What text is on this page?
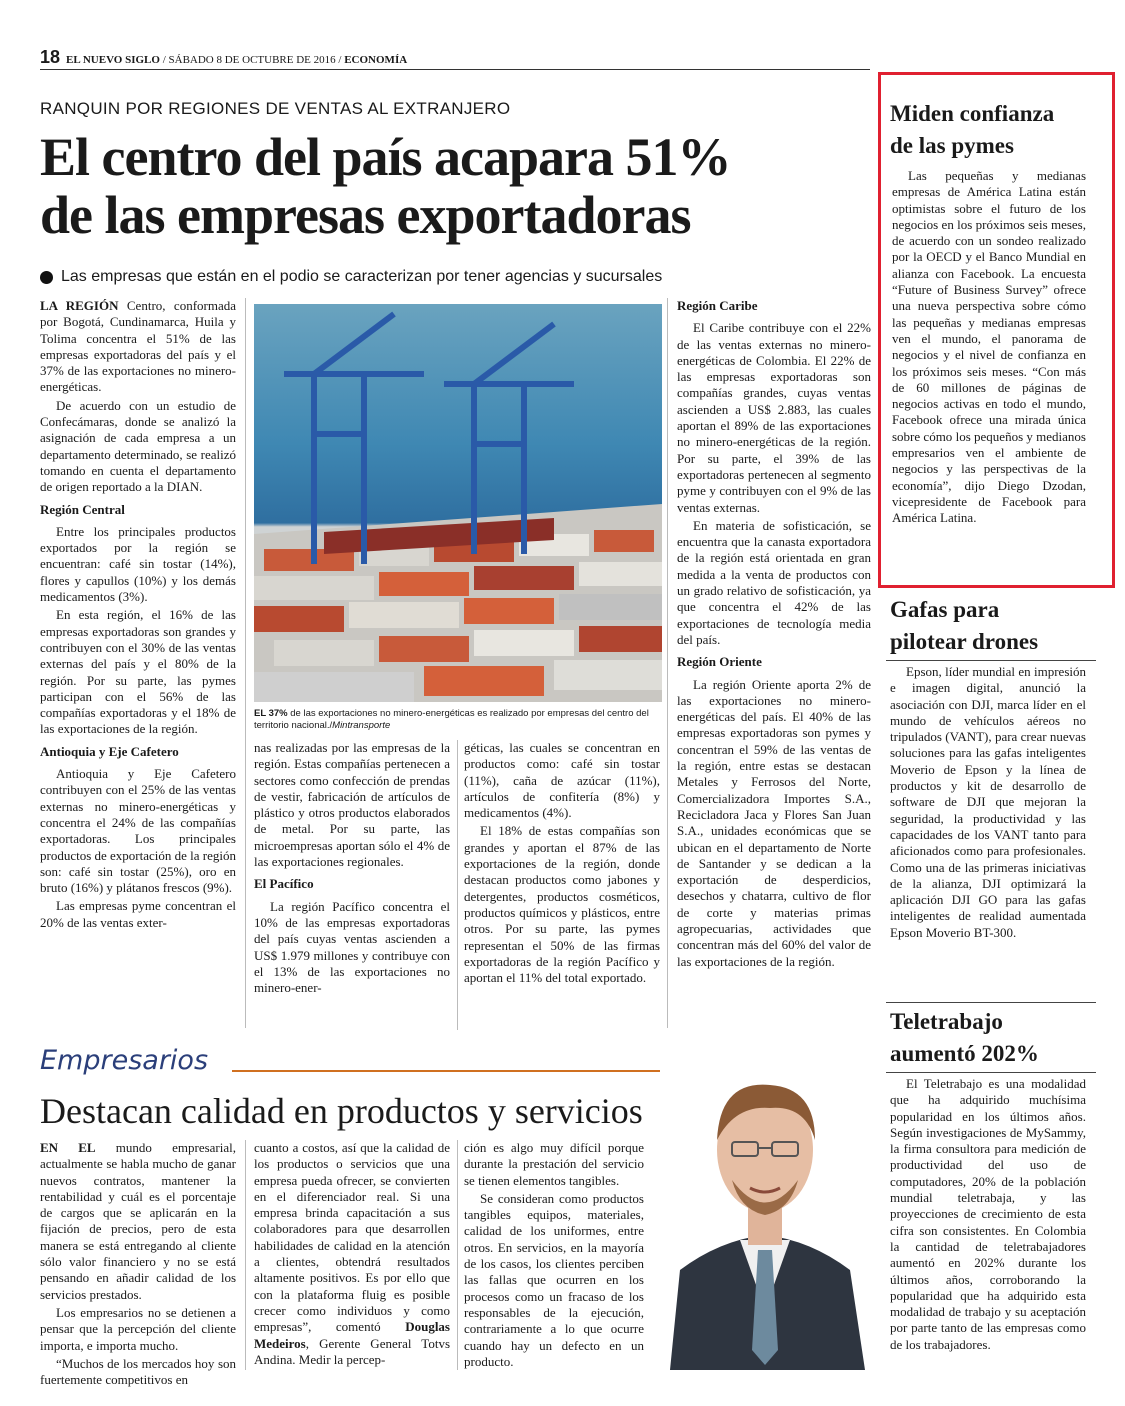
18 EL NUEVO SIGLO / SÁBADO 8 DE OCTUBRE DE 2016 / ECONOMÍA
RANQUIN POR REGIONES DE VENTAS AL EXTRANJERO
El centro del país acapara 51%
de las empresas exportadoras
Las empresas que están en el podio se caracterizan por tener agencias y sucursales

LA REGIÓN Centro, conformada por Bogotá, Cundinamarca, Huila y Tolima concentra el 51% de las empresas exportadoras del país y el 37% de las exportaciones no minero-energéticas.

De acuerdo con un estudio de Confecámaras, donde se analizó la asignación de cada empresa a un departamento determinado, se realizó tomando en cuenta el departamento de origen reportado a la DIAN.

Región Central

Entre los principales productos exportados por la región se encuentran: café sin tostar (14%), flores y capullos (10%) y los demás medicamentos (3%).

En esta región, el 16% de las empresas exportadoras son grandes y contribuyen con el 30% de las ventas externas del país y el 80% de la región. Por su parte, las pymes participan con el 56% de las compañías exportadoras y el 18% de las exportaciones de la región.

Antioquia y Eje Cafetero

Antioquia y Eje Cafetero contribuyen con el 25% de las ventas externas no minero-energéticas y concentra el 24% de las compañías exportadoras. Los principales productos de exportación de la región son: café sin tostar (25%), oro en bruto (16%) y plátanos frescos (9%).

Las empresas pyme concentran el 20% de las ventas exter-

EL 37% de las exportaciones no minero-energéticas es realizado por empresas del centro del territorio nacional./Mintransporte

nas realizadas por las empresas de la región. Estas compañías pertenecen a sectores como confección de prendas de vestir, fabricación de artículos de plástico y otros productos elaborados de metal. Por su parte, las microempresas aportan sólo el 4% de las exportaciones regionales.

El Pacífico

La región Pacífico concentra el 10% de las empresas exportadoras del país cuyas ventas ascienden a US$ 1.979 millones y contribuye con el 13% de las exportaciones no minero-ener-

géticas, las cuales se concentran en productos como: café sin tostar (11%), caña de azúcar (11%), artículos de confitería (8%) y medicamentos (4%).

El 18% de estas compañías son grandes y aportan el 87% de las exportaciones de la región, donde destacan productos como jabones y detergentes, productos cosméticos, productos químicos y plásticos, entre otros. Por su parte, las pymes representan el 50% de las firmas exportadoras de la región Pacífico y aportan el 11% del total exportado.

Región Caribe

El Caribe contribuye con el 22% de las ventas externas no minero-energéticas de Colombia. El 22% de las empresas exportadoras son compañías grandes, cuyas ventas ascienden a US$ 2.883, las cuales aportan el 89% de las exportaciones no minero-energéticas de la región. Por su parte, el 39% de las exportadoras pertenecen al segmento pyme y contribuyen con el 9% de las ventas externas.

En materia de sofisticación, se encuentra que la canasta exportadora de la región está orientada en gran medida a la venta de productos con un grado relativo de sofisticación, ya que concentra el 42% de las exportaciones de tecnología media del país.

Región Oriente

La región Oriente aporta 2% de las exportaciones no minero-energéticas del país. El 40% de las empresas exportadoras son pymes y concentran el 59% de las ventas de la región, entre estas se destacan Metales y Ferrosos del Norte, Comercializadora Importes S.A., Recicladora Jaca y Flores San Juan S.A., unidades económicas que se ubican en el departamento de Norte de Santander y se dedican a la exportación de desperdicios, desechos y chatarra, cultivo de flor de corte y materias primas agropecuarias, actividades que concentran más del 60% del valor de las exportaciones de la región.

Empresarios
Destacan calidad en productos y servicios

EN EL mundo empresarial, actualmente se habla mucho de ganar nuevos contratos, mantener la rentabilidad y cuál es el porcentaje de cargos que se aplicarán en la fijación de precios, pero de esta manera se está entregando al cliente sólo valor financiero y no se está pensando en añadir calidad de los servicios prestados.

Los empresarios no se detienen a pensar que la percepción del cliente importa, e importa mucho.

“Muchos de los mercados hoy son fuertemente competitivos en

cuanto a costos, así que la calidad de los productos o servicios que una empresa pueda ofrecer, se convierten en el diferenciador real. Si una empresa brinda capacitación a sus colaboradores para que desarrollen habilidades de calidad en la atención a clientes, obtendrá resultados altamente positivos. Es por ello que con la plataforma fluig es posible crecer como individuos y como empresas”, comentó Douglas Medeiros, Gerente General Totvs Andina. Medir la percep-

ción es algo muy difícil porque durante la prestación del servicio se tienen elementos tangibles.

Se consideran como productos tangibles equipos, materiales, calidad de los uniformes, entre otros. En servicios, en la mayoría de los casos, los clientes perciben las fallas que ocurren en los procesos como un fracaso de los responsables de la ejecución, contrariamente a lo que ocurre cuando hay un defecto en un producto.

Miden confianza
de las pymes

Las pequeñas y medianas empresas de América Latina están optimistas sobre el futuro de los negocios en los próximos seis meses, de acuerdo con un sondeo realizado por la OECD y el Banco Mundial en alianza con Facebook. La encuesta “Future of Business Survey” ofrece una nueva perspectiva sobre cómo las pequeñas y medianas empresas ven el mundo, el panorama de negocios y el nivel de confianza en los próximos seis meses. “Con más de 60 millones de páginas de negocios activas en todo el mundo, Facebook ofrece una mirada única sobre cómo los pequeños y medianos empresarios ven el ambiente de negocios y las perspectivas de la economía”, dijo Diego Dzodan, vicepresidente de Facebook para América Latina.

Gafas para
pilotear drones

Epson, líder mundial en impresión e imagen digital, anunció la asociación con DJI, marca líder en el mundo de vehículos aéreos no tripulados (VANT), para crear nuevas soluciones para las gafas inteligentes Moverio de Epson y la línea de productos y kit de desarrollo de software de DJI que mejoran la seguridad, la productividad y las capacidades de los VANT tanto para aficionados como para profesionales. Como una de las primeras iniciativas de la alianza, DJI optimizará la aplicación DJI GO para las gafas inteligentes de realidad aumentada Epson Moverio BT-300.

Teletrabajo
aumentó 202%

El Teletrabajo es una modalidad que ha adquirido muchísima popularidad en los últimos años. Según investigaciones de MySammy, la firma consultora para medición de productividad del uso de computadores, 20% de la población mundial teletrabaja, y las proyecciones de crecimiento de esta cifra son consistentes. En Colombia la cantidad de teletrabajadores aumentó en 202% durante los últimos años, corroborando la popularidad que ha adquirido esta modalidad de trabajo y su aceptación por parte tanto de las empresas como de los trabajadores.
